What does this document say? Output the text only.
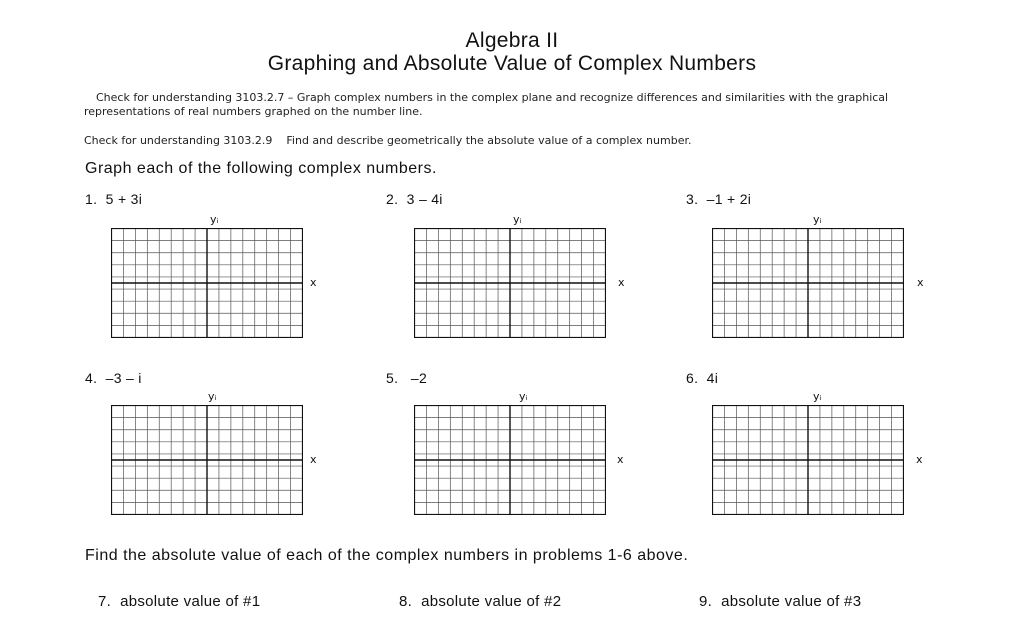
Algebra II
Graphing and Absolute Value of Complex Numbers

Check for understanding 3103.2.7 – Graph complex numbers in the complex plane and recognize differences and similarities with the graphical representations of real numbers graphed on the number line.

Check for understanding 3103.2.9    Find and describe geometrically the absolute value of a complex number.

Graph each of the following complex numbers.
1. 5 + 3i	2. 3 – 4i	3. –1 + 2i
4. –3 – i	5.   –2	6. 4i
yᵢ
x
yᵢ
x
yᵢ
x
yᵢ
x
yᵢ
x
yᵢ
x
Find the absolute value of each of the complex numbers in problems 1-6 above.
7. absolute value of #1	8. absolute value of #2	9. absolute value of #3
